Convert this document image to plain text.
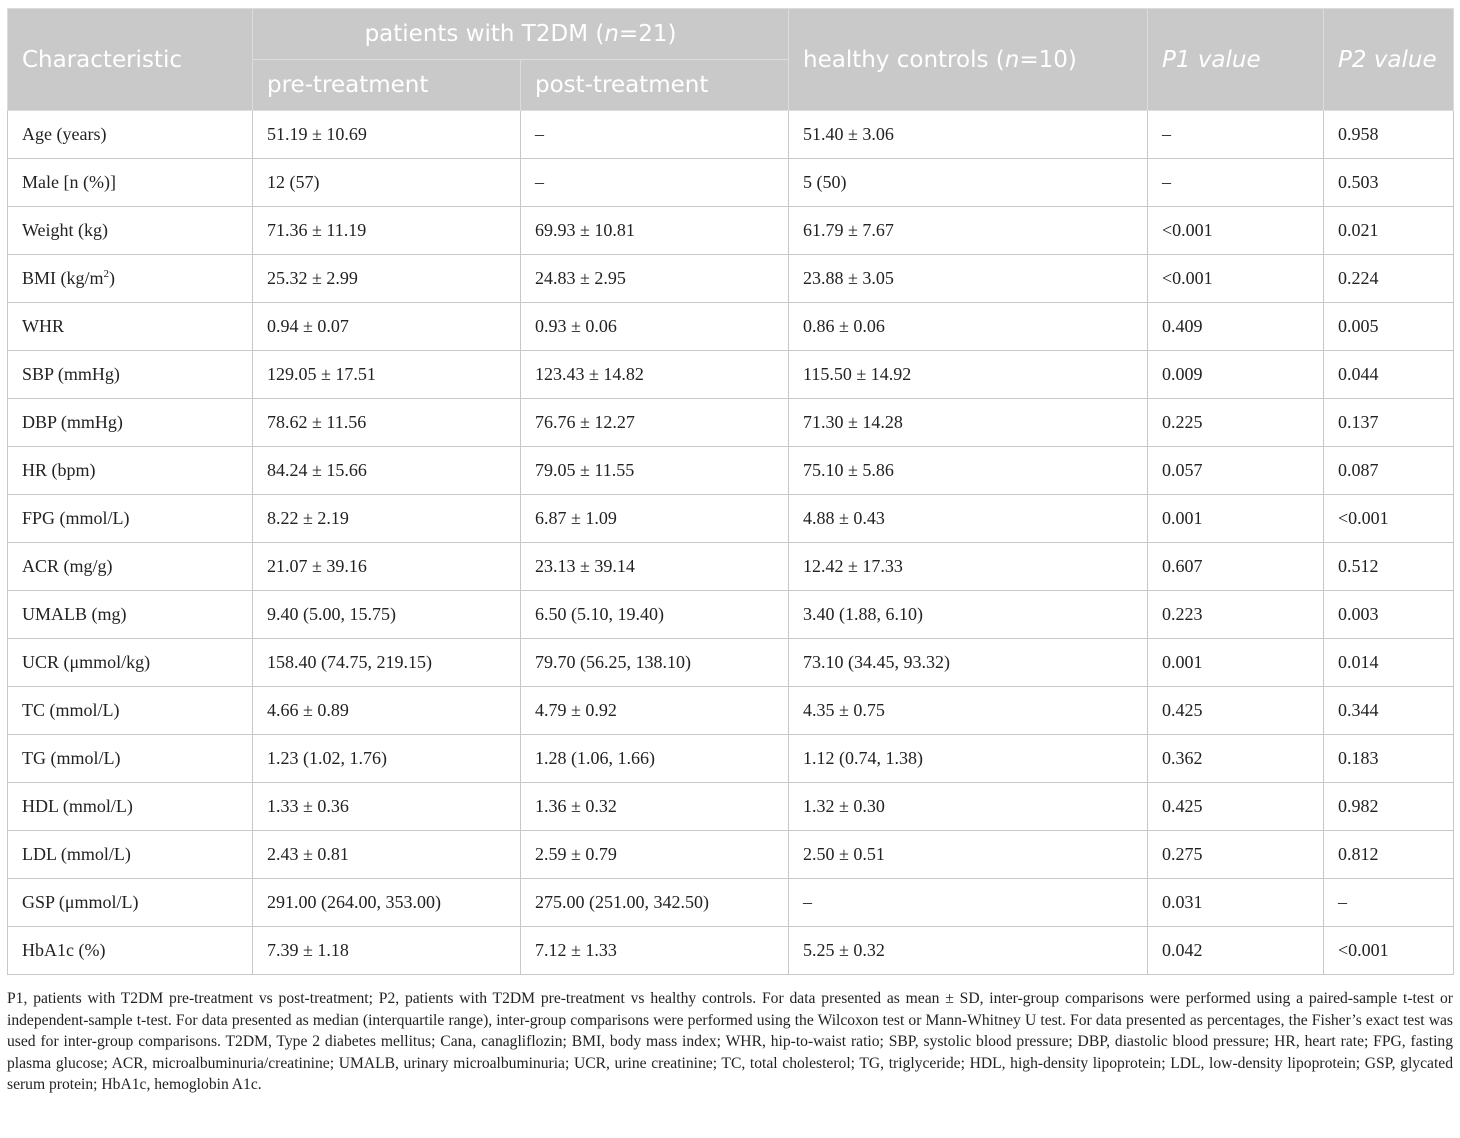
Characteristic	patients with T2DM (n=21)		healthy controls (n=10)	P1 value	P2 value
	pre-treatment	post-treatment			
Age (years)	51.19 ± 10.69	–	51.40 ± 3.06	–	0.958
Male [n (%)]	12 (57)	–	5 (50)	–	0.503
Weight (kg)	71.36 ± 11.19	69.93 ± 10.81	61.79 ± 7.67	<0.001	0.021
BMI $(kg/m^2)$	25.32 ± 2.99	24.83 ± 2.95	23.88 ± 3.05	<0.001	0.224
WHR	0.94 ± 0.07	0.93 ± 0.06	0.86 ± 0.06	0.409	0.005
SBP (mmHg)	129.05 ± 17.51	123.43 ± 14.82	115.50 ± 14.92	0.009	0.044
DBP (mmHg)	78.62 ± 11.56	76.76 ± 12.27	71.30 ± 14.28	0.225	0.137
HR (bpm)	84.24 ± 15.66	79.05 ± 11.55	75.10 ± 5.86	0.057	0.087
FPG (mmol/L)	8.22 ± 2.19	6.87 ± 1.09	4.88 ± 0.43	0.001	<0.001
ACR (mg/g)	21.07 ± 39.16	23.13 ± 39.14	12.42 ± 17.33	0.607	0.512
UMALB (mg)	9.40 (5.00, 15.75)	6.50 (5.10, 19.40)	3.40 (1.88, 6.10)	0.223	0.003
UCR (μmmol/kg)	158.40 (74.75, 219.15)	79.70 (56.25, 138.10)	73.10 (34.45, 93.32)	0.001	0.014
TC (mmol/L)	4.66 ± 0.89	4.79 ± 0.92	4.35 ± 0.75	0.425	0.344
TG (mmol/L)	1.23 (1.02, 1.76)	1.28 (1.06, 1.66)	1.12 (0.74, 1.38)	0.362	0.183
HDL (mmol/L)	1.33 ± 0.36	1.36 ± 0.32	1.32 ± 0.30	0.425	0.982
LDL (mmol/L)	2.43 ± 0.81	2.59 ± 0.79	2.50 ± 0.51	0.275	0.812
GSP (μmmol/L)	291.00 (264.00, 353.00)	275.00 (251.00, 342.50)	–	0.031	–
HbA1c (%)	7.39 ± 1.18	7.12 ± 1.33	5.25 ± 0.32	0.042	<0.001

P1, patients with T2DM pre-treatment vs post-treatment; P2, patients with T2DM pre-treatment vs healthy controls. For data presented as mean ± SD, inter-group comparisons were performed using a paired-sample t-test or independent-sample t-test. For data presented as median (interquartile range), inter-group comparisons were performed using the Wilcoxon test or Mann-Whitney U test. For data presented as percentages, the Fisher’s exact test was used for inter-group comparisons. T2DM, Type 2 diabetes mellitus; Cana, canagliflozin; BMI, body mass index; WHR, hip-to-waist ratio; SBP, systolic blood pressure; DBP, diastolic blood pressure; HR, heart rate; FPG, fasting plasma glucose; ACR, microalbuminuria/creatinine; UMALB, urinary microalbuminuria; UCR, urine creatinine; TC, total cholesterol; TG, triglyceride; HDL, high-density lipoprotein; LDL, low-density lipoprotein; GSP, glycated serum protein; HbA1c, hemoglobin A1c.
